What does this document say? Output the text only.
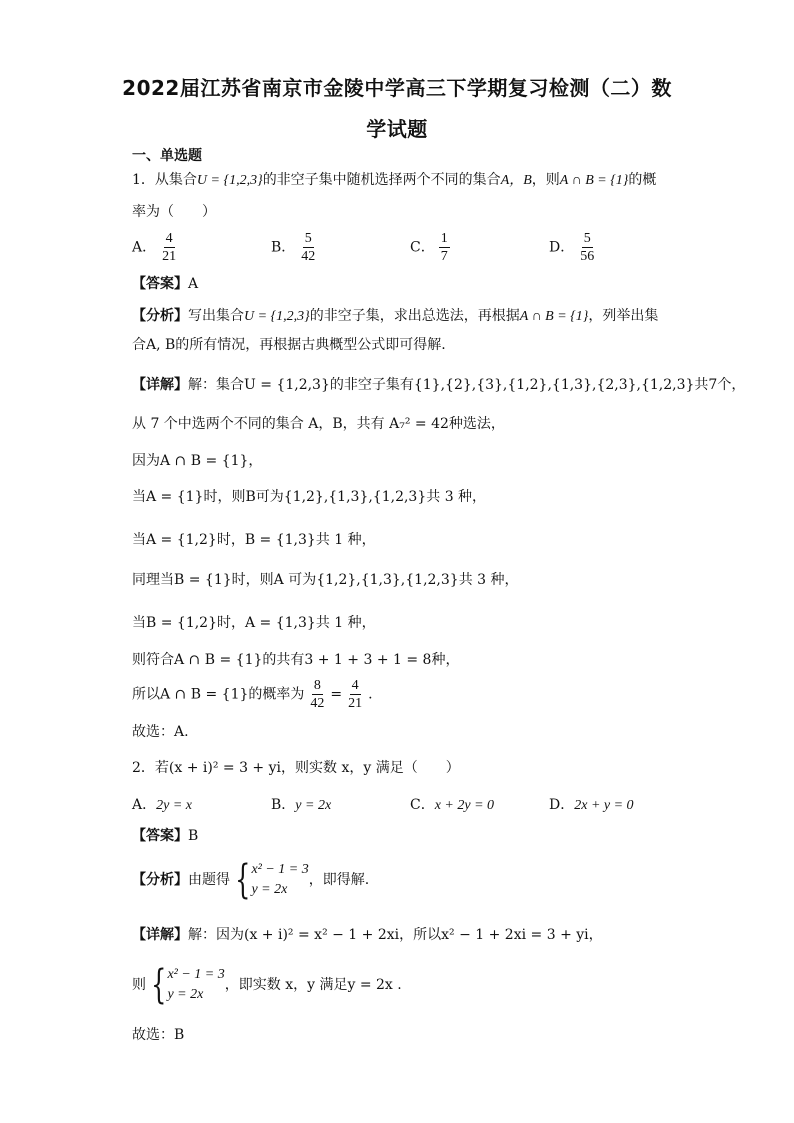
2022届江苏省南京市金陵中学高三下学期复习检测（二）数
学试题
一、单选题
1．从集合U = {1,2,3}的非空子集中随机选择两个不同的集合A，B，则A ∩ B = {1}的概
率为（　　）
A． $\frac{4}{21}$	B． $\frac{5}{42}$	C． $\frac{1}{7}$	D． $\frac{5}{56}$
【答案】A
【分析】写出集合U = {1,2,3}的非空子集，求出总选法，再根据A ∩ B = {1}，列举出集
合A, B的所有情况，再根据古典概型公式即可得解.
【详解】解：集合U = {1,2,3}的非空子集有{1},{2},{3},{1,2},{1,3},{2,3},{1,2,3}共7个，
从 7 个中选两个不同的集合 A，B，共有 A₇² = 42种选法，
因为A ∩ B = {1}，
当A = {1}时，则B可为{1,2},{1,3},{1,2,3}共 3 种，
当A = {1,2}时，B = {1,3}共 1 种，
同理当B = {1}时，则A 可为{1,2},{1,3},{1,2,3}共 3 种，
当B = {1,2}时，A = {1,3}共 1 种，
则符合A ∩ B = {1}的共有3 + 1 + 3 + 1 = 8种，
所以A ∩ B = {1}的概率为 $\frac{8}{42} = \frac{4}{21}$ .
故选：A.
2．若(x + i)² = 3 + yi，则实数 x，y 满足（　　）
A．2y = x	B．y = 2x	C．x + 2y = 0	D．2x + y = 0
【答案】B
【分析】由题得 { x² − 1 = 3
y = 2x
，即得解.
【详解】解：因为(x + i)² = x² − 1 + 2xi，所以x² − 1 + 2xi = 3 + yi，
则 { x² − 1 = 3
y = 2x
，即实数 x，y 满足y = 2x .
故选：B
